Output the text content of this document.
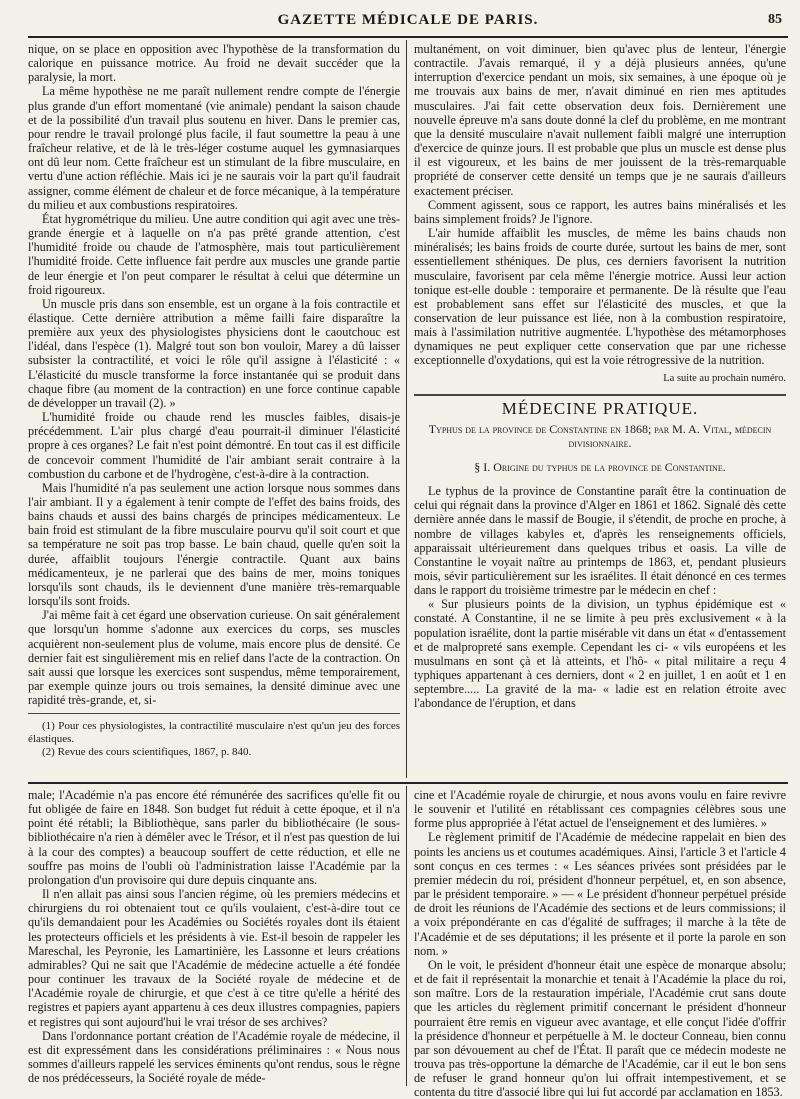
GAZETTE MÉDICALE DE PARIS.	85

nique, on se place en opposition avec l'hypothèse de la transformation du calorique en puissance motrice. Au froid ne devait succéder que la paralysie, la mort.

La même hypothèse ne me paraît nullement rendre compte de l'énergie plus grande d'un effort momentané (vie animale) pendant la saison chaude et de la possibilité d'un travail plus soutenu en hiver. Dans le premier cas, pour rendre le travail prolongé plus facile, il faut soumettre la peau à une fraîcheur relative, et de là le très-léger costume auquel les gymnasiarques ont dû leur nom. Cette fraîcheur est un stimulant de la fibre musculaire, en vertu d'une action réfléchie. Mais ici je ne saurais voir la part qu'il faudrait assigner, comme élément de chaleur et de force mécanique, à la température du milieu et aux combustions respiratoires.

État hygrométrique du milieu. Une autre condition qui agit avec une très-grande énergie et à laquelle on n'a pas prêté grande attention, c'est l'humidité froide ou chaude de l'atmosphère, mais tout particulièrement l'humidité froide. Cette influence fait perdre aux muscles une grande partie de leur énergie et l'on peut comparer le résultat à celui que détermine un froid rigoureux.

Un muscle pris dans son ensemble, est un organe à la fois contractile et élastique. Cette dernière attribution a même failli faire disparaître la première aux yeux des physiologistes physiciens dont le caoutchouc est l'idéal, dans l'espèce (1). Malgré tout son bon vouloir, Marey a dû laisser subsister la contractilité, et voici le rôle qu'il assigne à l'élasticité : « L'élasticité du muscle transforme la force instantanée qui se produit dans chaque fibre (au moment de la contraction) en une force continue capable de développer un travail (2). »

L'humidité froide ou chaude rend les muscles faibles, disais-je précédemment. L'air plus chargé d'eau pourrait-il diminuer l'élasticité propre à ces organes? Le fait n'est point démontré. En tout cas il est difficile de concevoir comment l'humidité de l'air ambiant serait contraire à la combustion du carbone et de l'hydrogène, c'est-à-dire à la contraction.

Mais l'humidité n'a pas seulement une action lorsque nous sommes dans l'air ambiant. Il y a également à tenir compte de l'effet des bains froids, des bains chauds et aussi des bains chargés de principes médicamenteux. Le bain froid est stimulant de la fibre musculaire pourvu qu'il soit court et que sa température ne soit pas trop basse. Le bain chaud, quelle qu'en soit la durée, affaiblit toujours l'énergie contractile. Quant aux bains médicamenteux, je ne parlerai que des bains de mer, moins toniques lorsqu'ils sont chauds, ils le deviennent d'une manière très-remarquable lorsqu'ils sont froids.

J'ai même fait à cet égard une observation curieuse. On sait généralement que lorsqu'un homme s'adonne aux exercices du corps, ses muscles acquièrent non-seulement plus de volume, mais encore plus de densité. Ce dernier fait est singulièrement mis en relief dans l'acte de la contraction. On sait aussi que lorsque les exercices sont suspendus, même temporairement, par exemple quinze jours ou trois semaines, la densité diminue avec une rapidité très-grande, et, si-

(1) Pour ces physiologistes, la contractilité musculaire n'est qu'un jeu des forces élastiques.

(2) Revue des cours scientifiques, 1867, p. 840.

multanément, on voit diminuer, bien qu'avec plus de lenteur, l'énergie contractile. J'avais remarqué, il y a déjà plusieurs années, qu'une interruption d'exercice pendant un mois, six semaines, à une époque où je me trouvais aux bains de mer, n'avait diminué en rien mes aptitudes musculaires. J'ai fait cette observation deux fois. Dernièrement une nouvelle épreuve m'a sans doute donné la clef du problème, en me montrant que la densité musculaire n'avait nullement faibli malgré une interruption d'exercice de quinze jours. Il est probable que plus un muscle est dense plus il est vigoureux, et les bains de mer jouissent de la très-remarquable propriété de conserver cette densité un temps que je ne saurais d'ailleurs exactement préciser.

Comment agissent, sous ce rapport, les autres bains minéralisés et les bains simplement froids? Je l'ignore.

L'air humide affaiblit les muscles, de même les bains chauds non minéralisés; les bains froids de courte durée, surtout les bains de mer, sont essentiellement sthéniques. De plus, ces derniers favorisent la nutrition musculaire, favorisent par cela même l'énergie motrice. Aussi leur action tonique est-elle double : temporaire et permanente. De là résulte que l'eau est probablement sans effet sur l'élasticité des muscles, et que la conservation de leur puissance est liée, non à la combustion respiratoire, mais à l'assimilation nutritive augmentée. L'hypothèse des métamorphoses dynamiques ne peut expliquer cette conservation que par une richesse exceptionnelle d'oxydations, qui est la voie rétrogressive de la nutrition.

La suite au prochain numéro.
MÉDECINE PRATIQUE.
Typhus de la province de Constantine en 1868; par M. A. Vital, médecin divisionnaire.
§ I. Origine du typhus de la province de Constantine.

Le typhus de la province de Constantine paraît être la continuation de celui qui régnait dans la province d'Alger en 1861 et 1862. Signalé dès cette dernière année dans le massif de Bougie, il s'étendit, de proche en proche, à nombre de villages kabyles et, d'après les renseignements officiels, apparaissait ultérieurement dans quelques tribus et oasis. La ville de Constantine le voyait naître au printemps de 1863, et, pendant plusieurs mois, sévir particulièrement sur les israélites. Il était dénoncé en ces termes dans le rapport du troisième trimestre par le médecin en chef :

« Sur plusieurs points de la division, un typhus épidémique est « constaté. A Constantine, il ne se limite à peu près exclusivement « à la population israélite, dont la partie misérable vit dans un état « d'entassement et de malpropreté sans exemple. Cependant les ci- « vils européens et les musulmans en sont çà et là atteints, et l'hô- « pital militaire a reçu 4 typhiques appartenant à ces derniers, dont « 2 en juillet, 1 en août et 1 en septembre..... La gravité de la ma- « ladie est en relation étroite avec l'abondance de l'éruption, et dans

male; l'Académie n'a pas encore été rémunérée des sacrifices qu'elle fit ou fut obligée de faire en 1848. Son budget fut réduit à cette époque, et il n'a point été rétabli; la Bibliothèque, sans parler du bibliothécaire (le sous-bibliothécaire n'a rien à démêler avec le Trésor, et il n'est pas question de lui à la cour des comptes) a beaucoup souffert de cette réduction, et elle ne souffre pas moins de l'oubli où l'administration laisse l'Académie par la prolongation d'un provisoire qui dure depuis cinquante ans.

Il n'en allait pas ainsi sous l'ancien régime, où les premiers médecins et chirurgiens du roi obtenaient tout ce qu'ils voulaient, c'est-à-dire tout ce qu'ils demandaient pour les Académies ou Sociétés royales dont ils étaient les protecteurs officiels et les présidents à vie. Est-il besoin de rappeler les Mareschal, les Peyronie, les Lamartinière, les Lassonne et leurs créations admirables? Qui ne sait que l'Académie de médecine actuelle a été fondée pour continuer les travaux de la Société royale de médecine et de l'Académie royale de chirurgie, et que c'est à ce titre qu'elle a hérité des registres et papiers ayant appartenu à ces deux illustres compagnies, papiers et registres qui sont aujourd'hui le vrai trésor de ses archives?

Dans l'ordonnance portant création de l'Académie royale de médecine, il est dit expressément dans les considérations préliminaires : « Nous nous sommes d'ailleurs rappelé les services éminents qu'ont rendus, sous le règne de nos prédécesseurs, la Société royale de méde-

cine et l'Académie royale de chirurgie, et nous avons voulu en faire revivre le souvenir et l'utilité en rétablissant ces compagnies célèbres sous une forme plus appropriée à l'état actuel de l'enseignement et des lumières. »

Le règlement primitif de l'Académie de médecine rappelait en bien des points les anciens us et coutumes académiques. Ainsi, l'article 3 et l'article 4 sont conçus en ces termes : « Les séances privées sont présidées par le premier médecin du roi, président d'honneur perpétuel, et, en son absence, par le président temporaire. » — « Le président d'honneur perpétuel préside de droit les réunions de l'Académie des sections et de leurs commissions; il a voix prépondérante en cas d'égalité de suffrages; il marche à la tête de l'Académie et de ses députations; il les présente et il porte la parole en son nom. »

On le voit, le président d'honneur était une espèce de monarque absolu; et de fait il représentait la monarchie et tenait à l'Académie la place du roi, son maître. Lors de la restauration impériale, l'Académie crut sans doute que les articles du règlement primitif concernant le président d'honneur pourraient être remis en vigueur avec avantage, et elle conçut l'idée d'offrir la présidence d'honneur et perpétuelle à M. le docteur Conneau, bien connu par son dévouement au chef de l'État. Il paraît que ce médecin modeste ne trouva pas très-opportune la démarche de l'Académie, car il eut le bon sens de refuser le grand honneur qu'on lui offrait intempestivement, et se contenta du titre d'associé libre qui lui fut accordé par acclamation en 1853.
